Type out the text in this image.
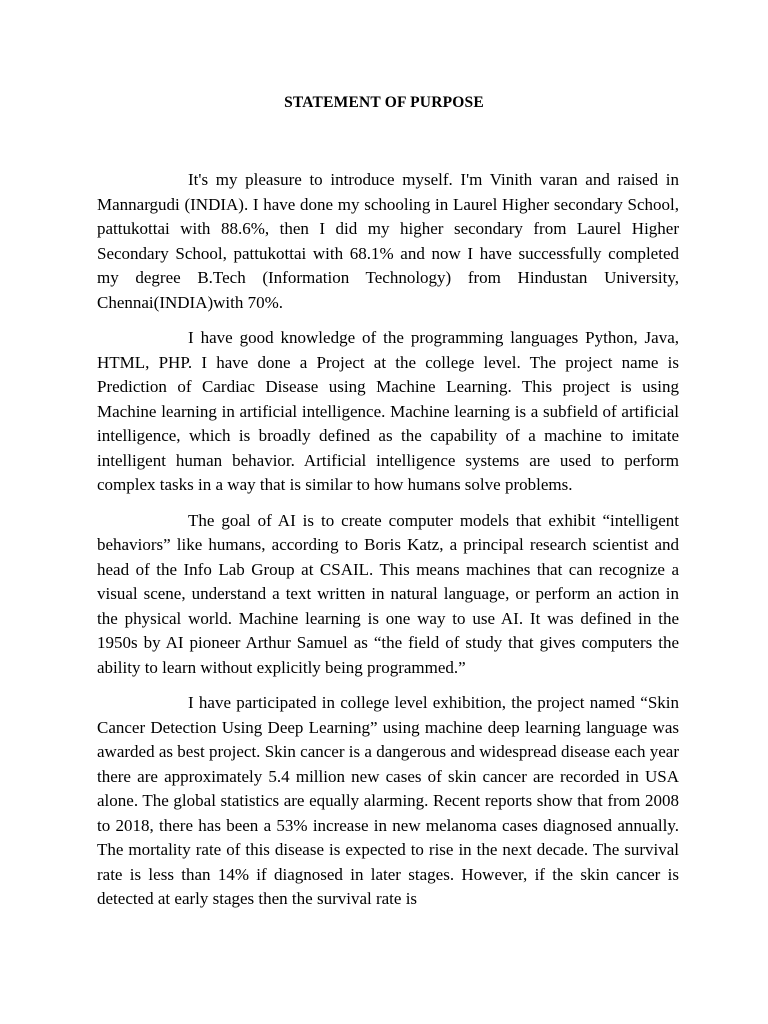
STATEMENT OF PURPOSE

It's my pleasure to introduce myself. I'm Vinith varan and raised in Mannargudi (INDIA). I have done my schooling in Laurel Higher secondary School, pattukottai with 88.6%, then I did my higher secondary from Laurel Higher Secondary School, pattukottai with 68.1% and now I have successfully completed my degree B.Tech (Information Technology) from Hindustan University, Chennai(INDIA)with 70%.

I have good knowledge of the programming languages Python, Java, HTML, PHP. I have done a Project at the college level. The project name is Prediction of Cardiac Disease using Machine Learning. This project is using Machine learning in artificial intelligence. Machine learning is a subfield of artificial intelligence, which is broadly defined as the capability of a machine to imitate intelligent human behavior. Artificial intelligence systems are used to perform complex tasks in a way that is similar to how humans solve problems.

The goal of AI is to create computer models that exhibit “intelligent behaviors” like humans, according to Boris Katz, a principal research scientist and head of the Info Lab Group at CSAIL. This means machines that can recognize a visual scene, understand a text written in natural language, or perform an action in the physical world. Machine learning is one way to use AI. It was defined in the 1950s by AI pioneer Arthur Samuel as “the field of study that gives computers the ability to learn without explicitly being programmed.”

I have participated in college level exhibition, the project named “Skin Cancer Detection Using Deep Learning” using machine deep learning language was awarded as best project. Skin cancer is a dangerous and widespread disease each year there are approximately 5.4 million new cases of skin cancer are recorded in USA alone. The global statistics are equally alarming. Recent reports show that from 2008 to 2018, there has been a 53% increase in new melanoma cases diagnosed annually. The mortality rate of this disease is expected to rise in the next decade. The survival rate is less than 14% if diagnosed in later stages. However, if the skin cancer is detected at early stages then the survival rate is
